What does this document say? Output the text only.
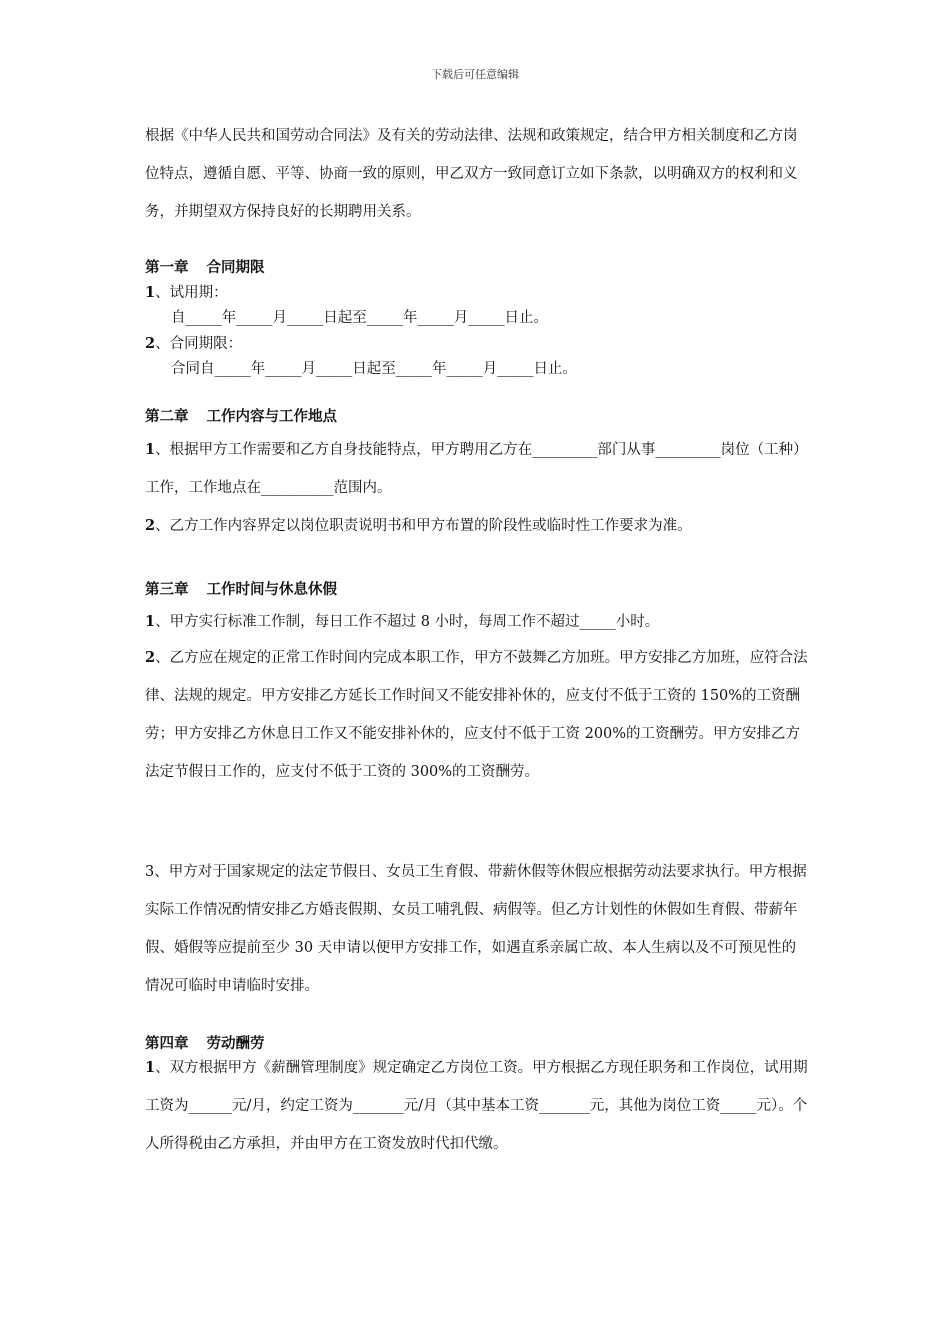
下载后可任意编辑
根据《中华人民共和国劳动合同法》及有关的劳动法律、法规和政策规定，结合甲方相关制度和乙方岗位特点，遵循自愿、平等、协商一致的原则，甲乙双方一致同意订立如下条款，以明确双方的权利和义务，并期望双方保持良好的长期聘用关系。
第一章 合同期限
1、试用期：
自_____年_____月_____日起至_____年_____月_____日止。
2、合同期限：
合同自_____年_____月_____日起至_____年_____月_____日止。
第二章 工作内容与工作地点
1、根据甲方工作需要和乙方自身技能特点，甲方聘用乙方在_________部门从事_________岗位（工种）工作，工作地点在__________范围内。
2、乙方工作内容界定以岗位职责说明书和甲方布置的阶段性或临时性工作要求为准。
第三章 工作时间与休息休假
1、甲方实行标准工作制，每日工作不超过 8 小时，每周工作不超过_____小时。
2、乙方应在规定的正常工作时间内完成本职工作，甲方不鼓舞乙方加班。甲方安排乙方加班，应符合法律、法规的规定。甲方安排乙方延长工作时间又不能安排补休的，应支付不低于工资的 150%的工资酬劳；甲方安排乙方休息日工作又不能安排补休的，应支付不低于工资 200%的工资酬劳。甲方安排乙方法定节假日工作的，应支付不低于工资的 300%的工资酬劳。
3、甲方对于国家规定的法定节假日、女员工生育假、带薪休假等休假应根据劳动法要求执行。甲方根据实际工作情况酌情安排乙方婚丧假期、女员工哺乳假、病假等。但乙方计划性的休假如生育假、带薪年假、婚假等应提前至少 30 天申请以便甲方安排工作，如遇直系亲属亡故、本人生病以及不可预见性的情况可临时申请临时安排。
第四章 劳动酬劳
1、双方根据甲方《薪酬管理制度》规定确定乙方岗位工资。甲方根据乙方现任职务和工作岗位，试用期工资为______元/月，约定工资为_______元/月（其中基本工资_______元，其他为岗位工资_____元）。个人所得税由乙方承担，并由甲方在工资发放时代扣代缴。
